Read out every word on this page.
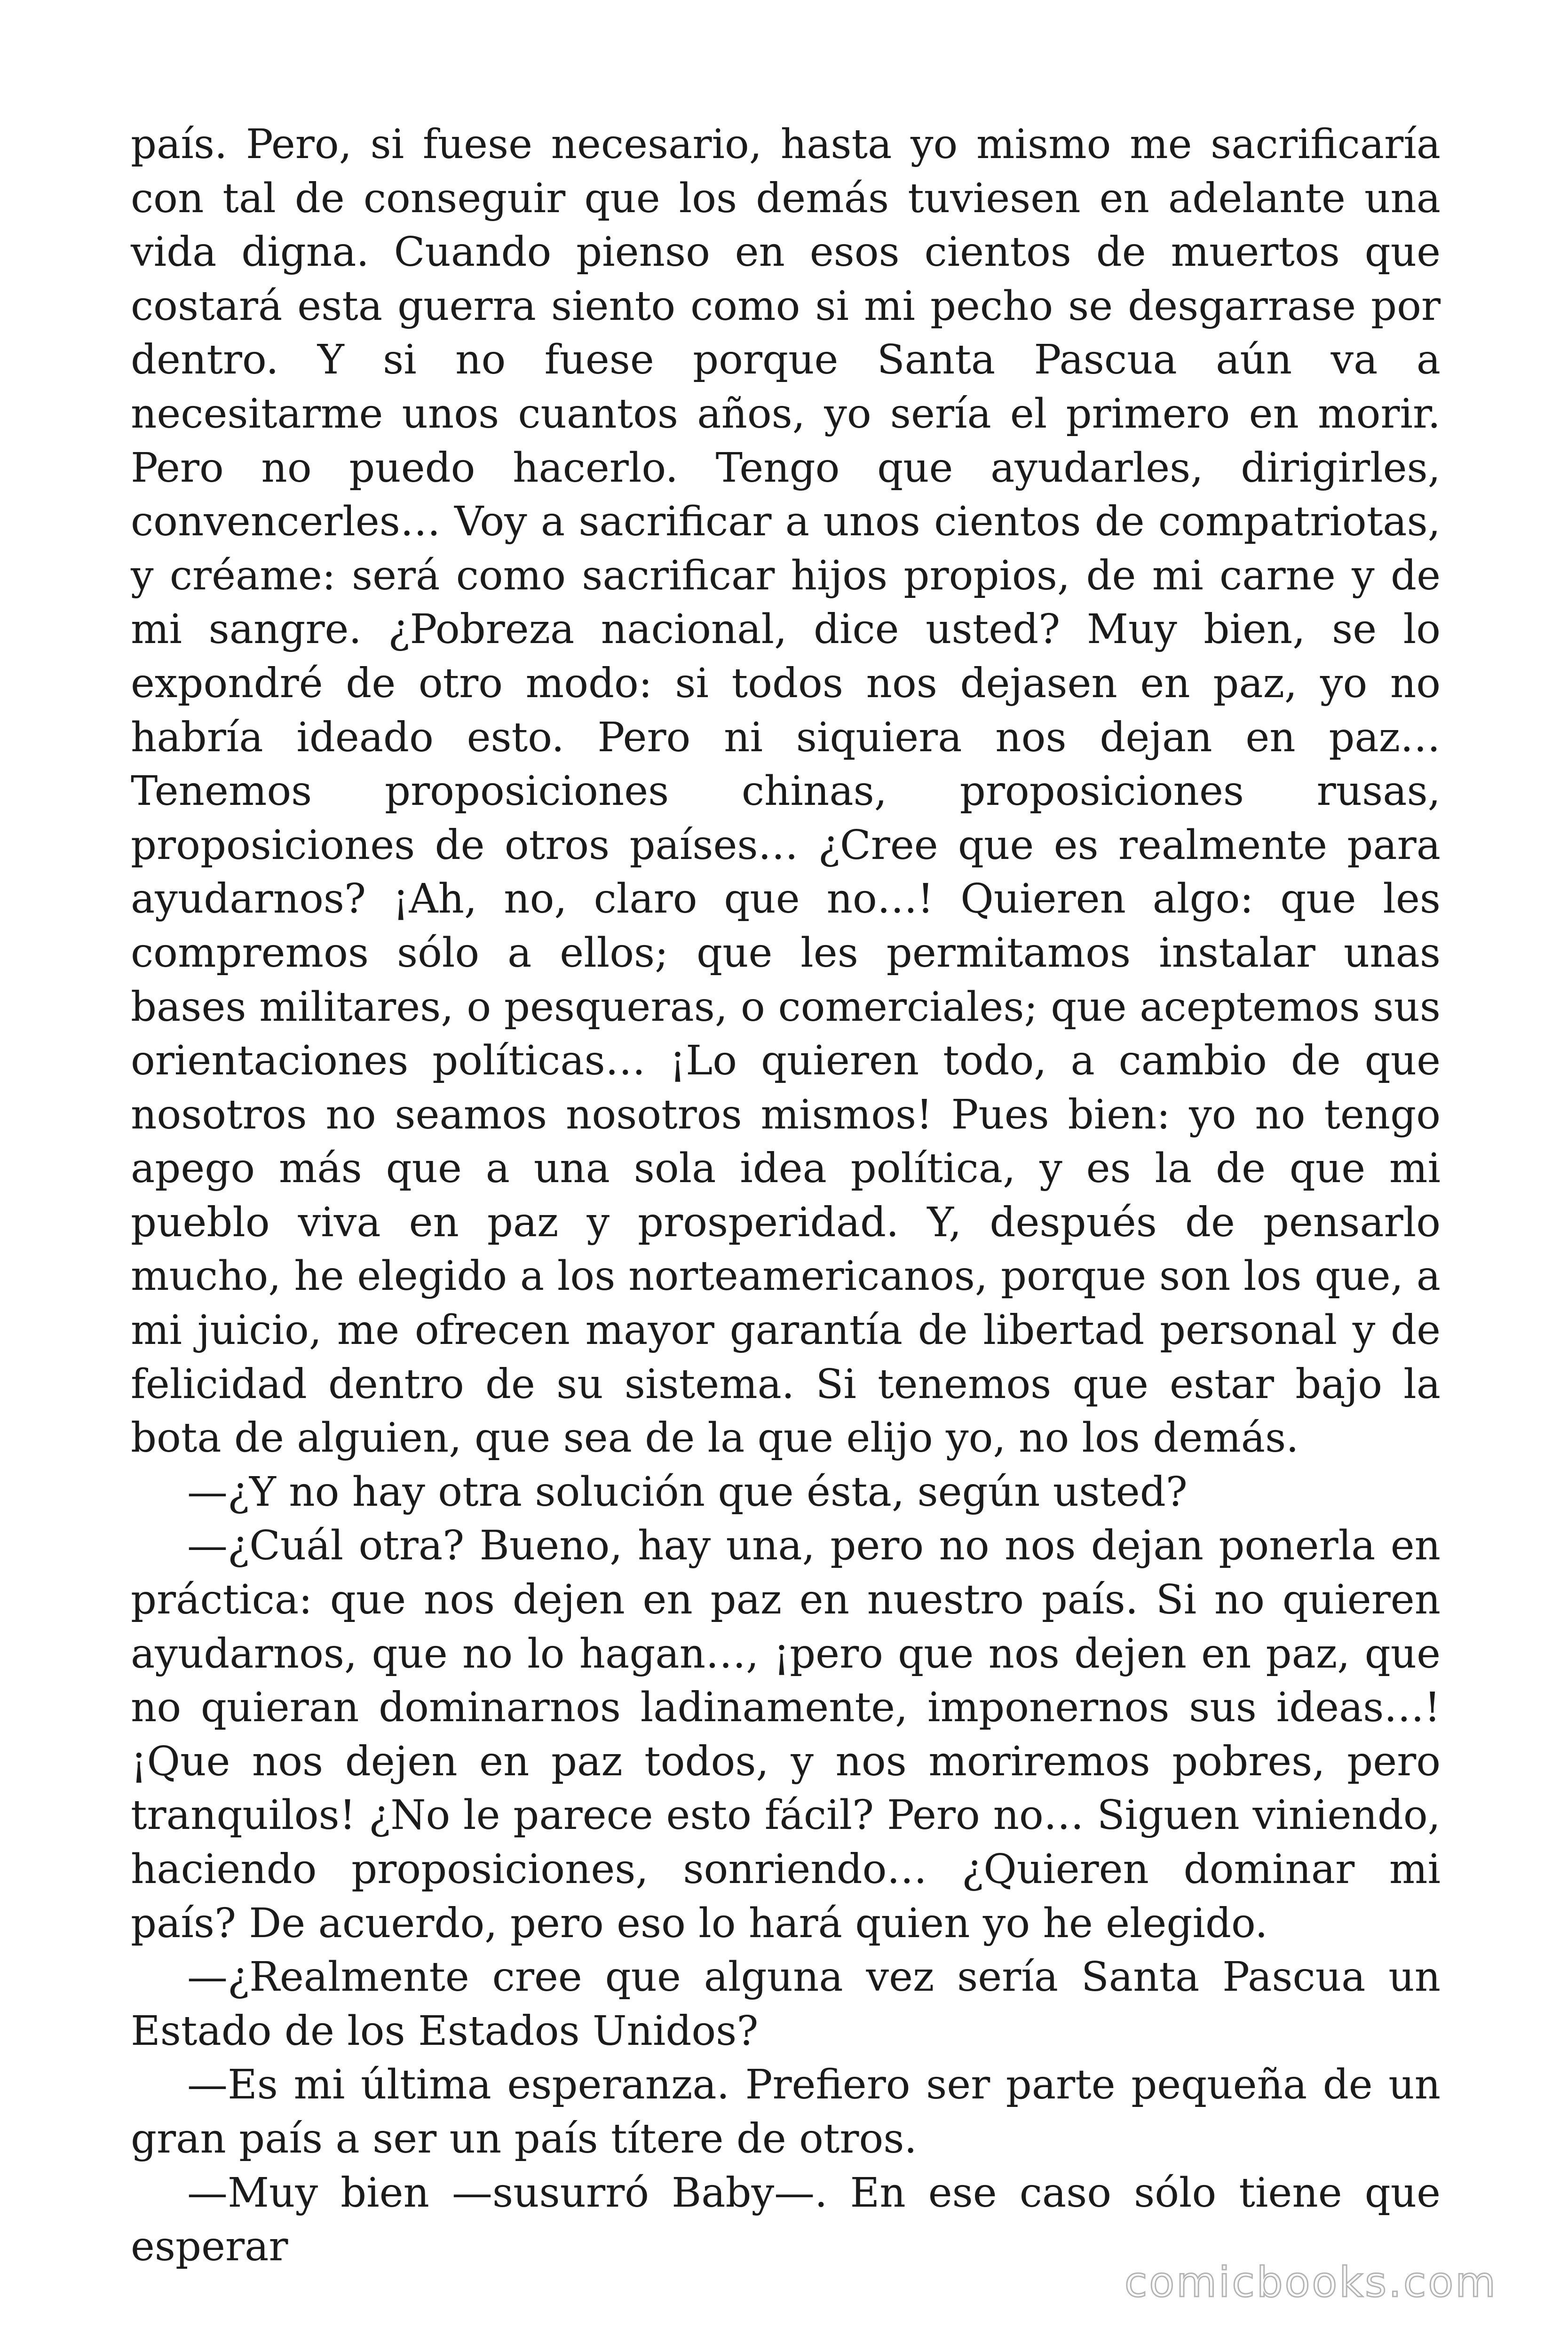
país. Pero, si fuese necesario, hasta yo mismo me sacrificaría con tal de conseguir que los demás tuviesen en adelante una vida digna. Cuando pienso en esos cientos de muertos que costará esta guerra siento como si mi pecho se desgarrase por dentro. Y si no fuese porque Santa Pascua aún va a necesitarme unos cuantos años, yo sería el primero en morir. Pero no puedo hacerlo. Tengo que ayudarles, dirigirles, convencerles… Voy a sacrificar a unos cientos de compatriotas, y créame: será como sacrificar hijos propios, de mi carne y de mi sangre. ¿Pobreza nacional, dice usted? Muy bien, se lo expondré de otro modo: si todos nos dejasen en paz, yo no habría ideado esto. Pero ni siquiera nos dejan en paz… Tenemos proposiciones chinas, proposiciones rusas, proposiciones de otros países… ¿Cree que es realmente para ayudarnos? ¡Ah, no, claro que no…! Quieren algo: que les compremos sólo a ellos; que les permitamos instalar unas bases militares, o pesqueras, o comerciales; que aceptemos sus orientaciones políticas… ¡Lo quieren todo, a cambio de que nosotros no seamos nosotros mismos! Pues bien: yo no tengo apego más que a una sola idea política, y es la de que mi pueblo viva en paz y prosperidad. Y, después de pensarlo mucho, he elegido a los norteamericanos, porque son los que, a mi juicio, me ofrecen mayor garantía de libertad personal y de felicidad dentro de su sistema. Si tenemos que estar bajo la bota de alguien, que sea de la que elijo yo, no los demás.

—¿Y no hay otra solución que ésta, según usted?

—¿Cuál otra? Bueno, hay una, pero no nos dejan ponerla en práctica: que nos dejen en paz en nuestro país. Si no quieren ayudarnos, que no lo hagan…, ¡pero que nos dejen en paz, que no quieran dominarnos ladinamente, imponernos sus ideas…! ¡Que nos dejen en paz todos, y nos moriremos pobres, pero tranquilos! ¿No le parece esto fácil? Pero no… Siguen viniendo, haciendo proposiciones, sonriendo… ¿Quieren dominar mi país? De acuerdo, pero eso lo hará quien yo he elegido.

—¿Realmente cree que alguna vez sería Santa Pascua un Estado de los Estados Unidos?

—Es mi última esperanza. Prefiero ser parte pequeña de un gran país a ser un país títere de otros.

—Muy bien —susurró Baby—. En ese caso sólo tiene que esperar

comicbooks.com
